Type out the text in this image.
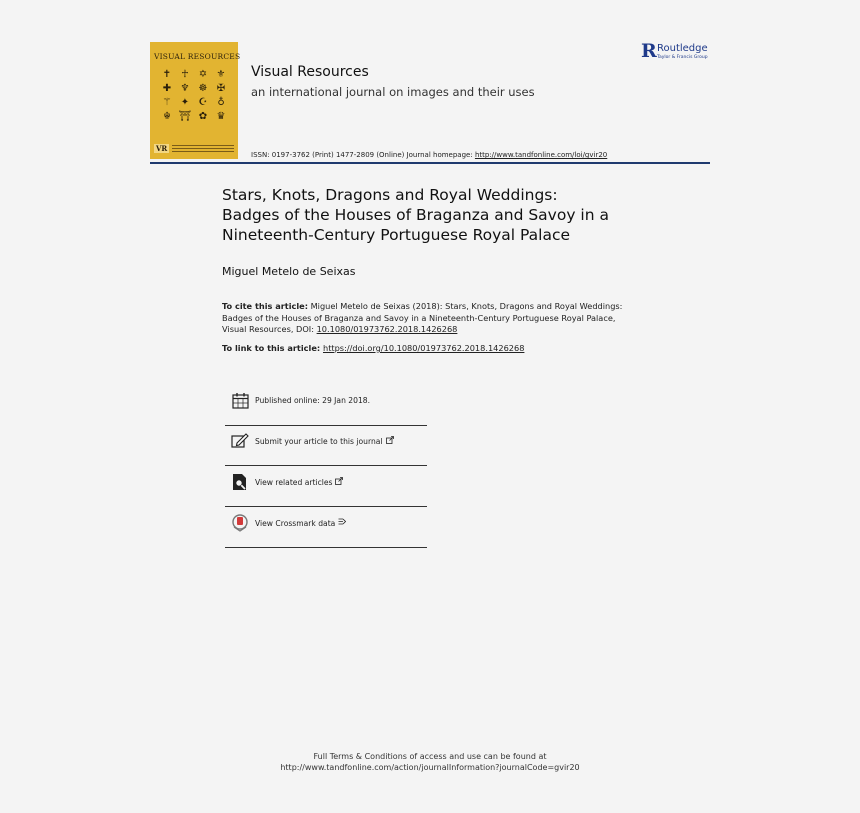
VISUAL RESOURCES
✝	☥	✡ ⚜
✚ ♆ ☸ ✠
⚚ ✦ ☪ ♁
☬ ⛩ ✿ ♛
VR
Visual Resources
an international journal on images and their uses
ISSN: 0197-3762 (Print) 1477-2809 (Online) Journal homepage: http://www.tandfonline.com/loi/gvir20
R Routledge
Taylor & Francis Group
Stars, Knots, Dragons and Royal Weddings:
Badges of the Houses of Braganza and Savoy in a
Nineteenth-Century Portuguese Royal Palace
Miguel Metelo de Seixas
To cite this article: Miguel Metelo de Seixas (2018): Stars, Knots, Dragons and Royal Weddings:
Badges of the Houses of Braganza and Savoy in a Nineteenth-Century Portuguese Royal Palace,
Visual Resources, DOI: 10.1080/01973762.2018.1426268
To link to this article: https://doi.org/10.1080/01973762.2018.1426268
Published online: 29 Jan 2018.
Submit your article to this journal
View related articles
View Crossmark data
Full Terms & Conditions of access and use can be found at
http://www.tandfonline.com/action/journalInformation?journalCode=gvir20
